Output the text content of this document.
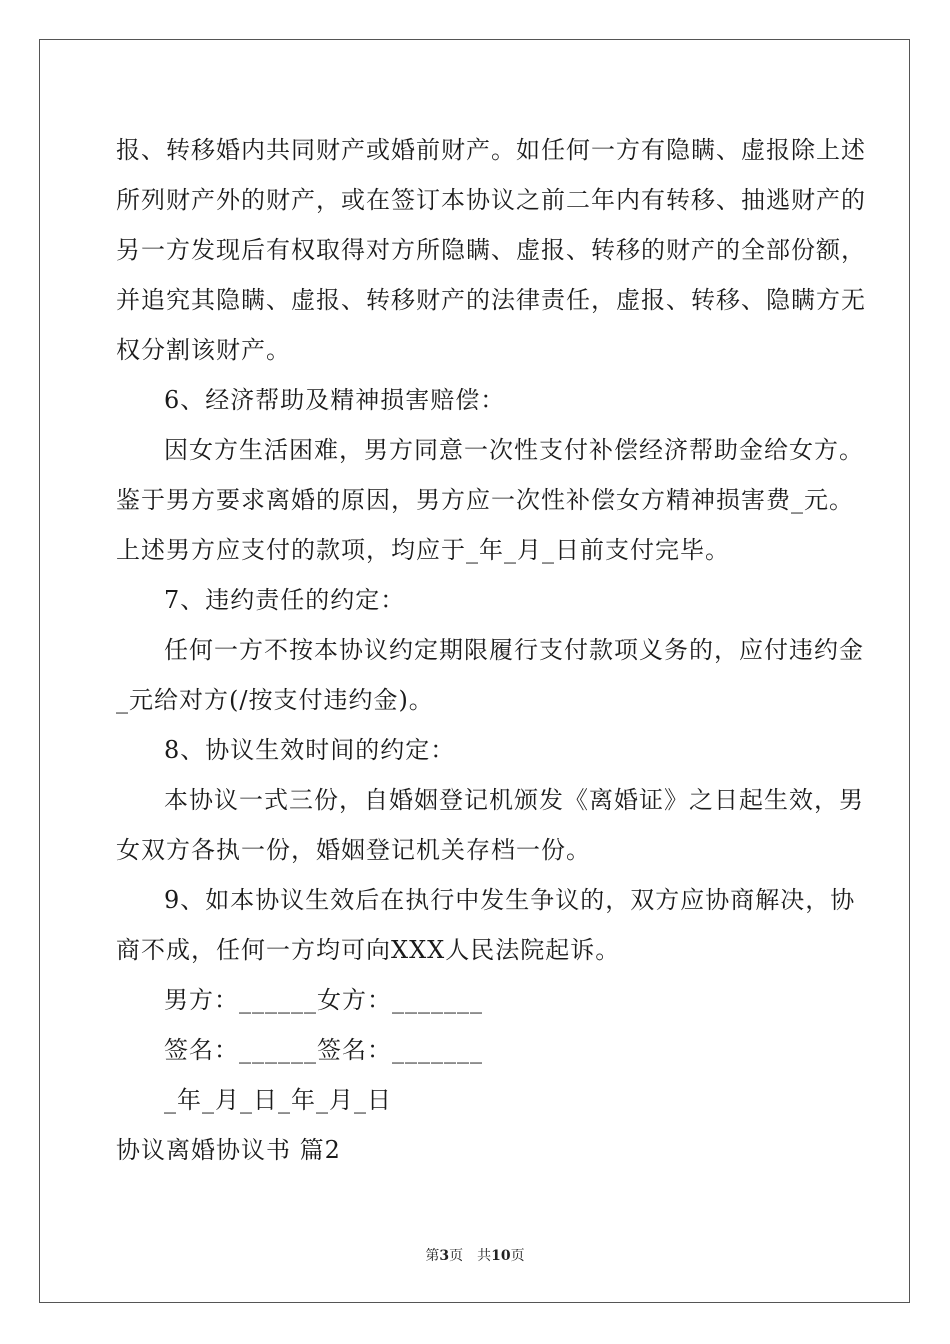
报、转移婚内共同财产或婚前财产。如任何一方有隐瞒、虚报除上述
所列财产外的财产，或在签订本协议之前二年内有转移、抽逃财产的
另一方发现后有权取得对方所隐瞒、虚报、转移的财产的全部份额，
并追究其隐瞒、虚报、转移财产的法律责任，虚报、转移、隐瞒方无
权分割该财产。
6、经济帮助及精神损害赔偿：
因女方生活困难，男方同意一次性支付补偿经济帮助金给女方。
鉴于男方要求离婚的原因，男方应一次性补偿女方精神损害费_元。
上述男方应支付的款项，均应于_年_月_日前支付完毕。
7、违约责任的约定：
任何一方不按本协议约定期限履行支付款项义务的，应付违约金
_元给对方(/按支付违约金)。
8、协议生效时间的约定：
本协议一式三份，自婚姻登记机颁发《离婚证》之日起生效，男
女双方各执一份，婚姻登记机关存档一份。
9、如本协议生效后在执行中发生争议的，双方应协商解决，协
商不成，任何一方均可向XXX人民法院起诉。
男方：______女方：_______
签名：______签名：_______
_年_月_日_年_月_日
协议离婚协议书 篇2
第3页 共10页
